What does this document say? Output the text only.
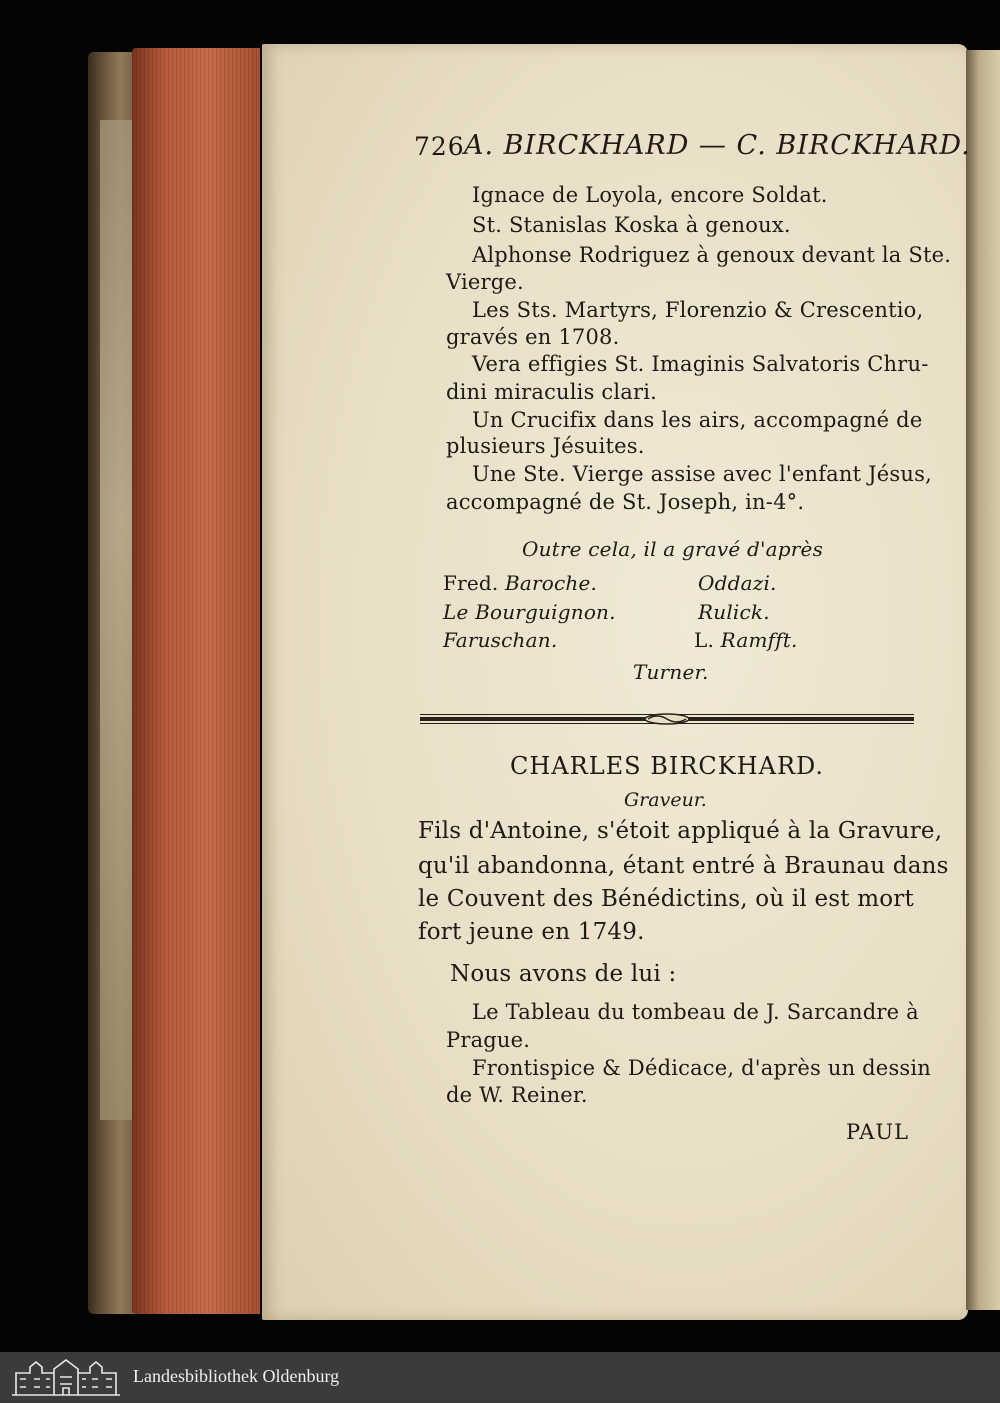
726 A. BIRCKHARD — C. BIRCKHARD.
Ignace de Loyola, encore Soldat.
St. Stanislas Koska à genoux.
Alphonse Rodriguez à genoux devant la Ste.
Vierge.
Les Sts. Martyrs, Florenzio & Crescentio,
gravés en 1708.
Vera effigies St. Imaginis Salvatoris Chru-
dini miraculis clari.
Un Crucifix dans les airs, accompagné de
plusieurs Jésuites.
Une Ste. Vierge assise avec l'enfant Jésus,
accompagné de St. Joseph, in-4°.
Outre cela, il a gravé d'après
Fred. Baroche.
Le Bourguignon.
Faruschan.
Oddazi.
Rulick.
L. Ramfft.
Turner.
CHARLES BIRCKHARD.
Graveur.
Fils d'Antoine, s'étoit appliqué à la Gravure,
qu'il abandonna, étant entré à Braunau dans
le Couvent des Bénédictins, où il est mort
fort jeune en 1749.
Nous avons de lui :
Le Tableau du tombeau de J. Sarcandre à
Prague.
Frontispice & Dédicace, d'après un dessin
de W. Reiner.
PAUL
Landesbibliothek Oldenburg
